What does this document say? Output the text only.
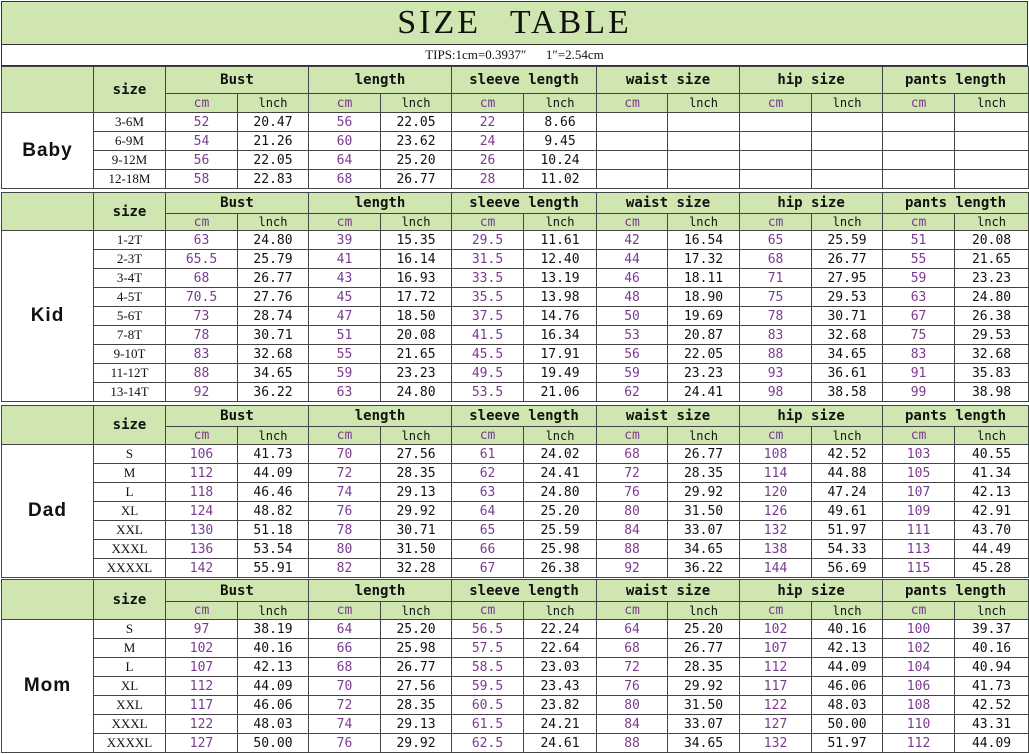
SIZE TABLE
TIPS:1cm=0.3937″      1″=2.54cm
	size	Bust		length		sleeve length		waist size		hip size		pants length	
		cm	lnch	cm	lnch	cm	lnch	cm	lnch	cm	lnch	cm	lnch
Baby	3-6M	52	20.47	56	22.05	22	8.66						
	6-9M	54	21.26	60	23.62	24	9.45						
	9-12M	56	22.05	64	25.20	26	10.24						
	12-18M	58	22.83	68	26.77	28	11.02						
	size	Bust		length		sleeve length		waist size		hip size		pants length	
		cm	lnch	cm	lnch	cm	lnch	cm	lnch	cm	lnch	cm	lnch
Kid	1-2T	63	24.80	39	15.35	29.5	11.61	42	16.54	65	25.59	51	20.08
	2-3T	65.5	25.79	41	16.14	31.5	12.40	44	17.32	68	26.77	55	21.65
	3-4T	68	26.77	43	16.93	33.5	13.19	46	18.11	71	27.95	59	23.23
	4-5T	70.5	27.76	45	17.72	35.5	13.98	48	18.90	75	29.53	63	24.80
	5-6T	73	28.74	47	18.50	37.5	14.76	50	19.69	78	30.71	67	26.38
	7-8T	78	30.71	51	20.08	41.5	16.34	53	20.87	83	32.68	75	29.53
	9-10T	83	32.68	55	21.65	45.5	17.91	56	22.05	88	34.65	83	32.68
	11-12T	88	34.65	59	23.23	49.5	19.49	59	23.23	93	36.61	91	35.83
	13-14T	92	36.22	63	24.80	53.5	21.06	62	24.41	98	38.58	99	38.98
	size	Bust		length		sleeve length		waist size		hip size		pants length	
		cm	lnch	cm	lnch	cm	lnch	cm	lnch	cm	lnch	cm	lnch
Dad	S	106	41.73	70	27.56	61	24.02	68	26.77	108	42.52	103	40.55
	M	112	44.09	72	28.35	62	24.41	72	28.35	114	44.88	105	41.34
	L	118	46.46	74	29.13	63	24.80	76	29.92	120	47.24	107	42.13
	XL	124	48.82	76	29.92	64	25.20	80	31.50	126	49.61	109	42.91
	XXL	130	51.18	78	30.71	65	25.59	84	33.07	132	51.97	111	43.70
	XXXL	136	53.54	80	31.50	66	25.98	88	34.65	138	54.33	113	44.49
	XXXXL	142	55.91	82	32.28	67	26.38	92	36.22	144	56.69	115	45.28
	size	Bust		length		sleeve length		waist size		hip size		pants length	
		cm	lnch	cm	lnch	cm	lnch	cm	lnch	cm	lnch	cm	lnch
Mom	S	97	38.19	64	25.20	56.5	22.24	64	25.20	102	40.16	100	39.37
	M	102	40.16	66	25.98	57.5	22.64	68	26.77	107	42.13	102	40.16
	L	107	42.13	68	26.77	58.5	23.03	72	28.35	112	44.09	104	40.94
	XL	112	44.09	70	27.56	59.5	23.43	76	29.92	117	46.06	106	41.73
	XXL	117	46.06	72	28.35	60.5	23.82	80	31.50	122	48.03	108	42.52
	XXXL	122	48.03	74	29.13	61.5	24.21	84	33.07	127	50.00	110	43.31
	XXXXL	127	50.00	76	29.92	62.5	24.61	88	34.65	132	51.97	112	44.09
